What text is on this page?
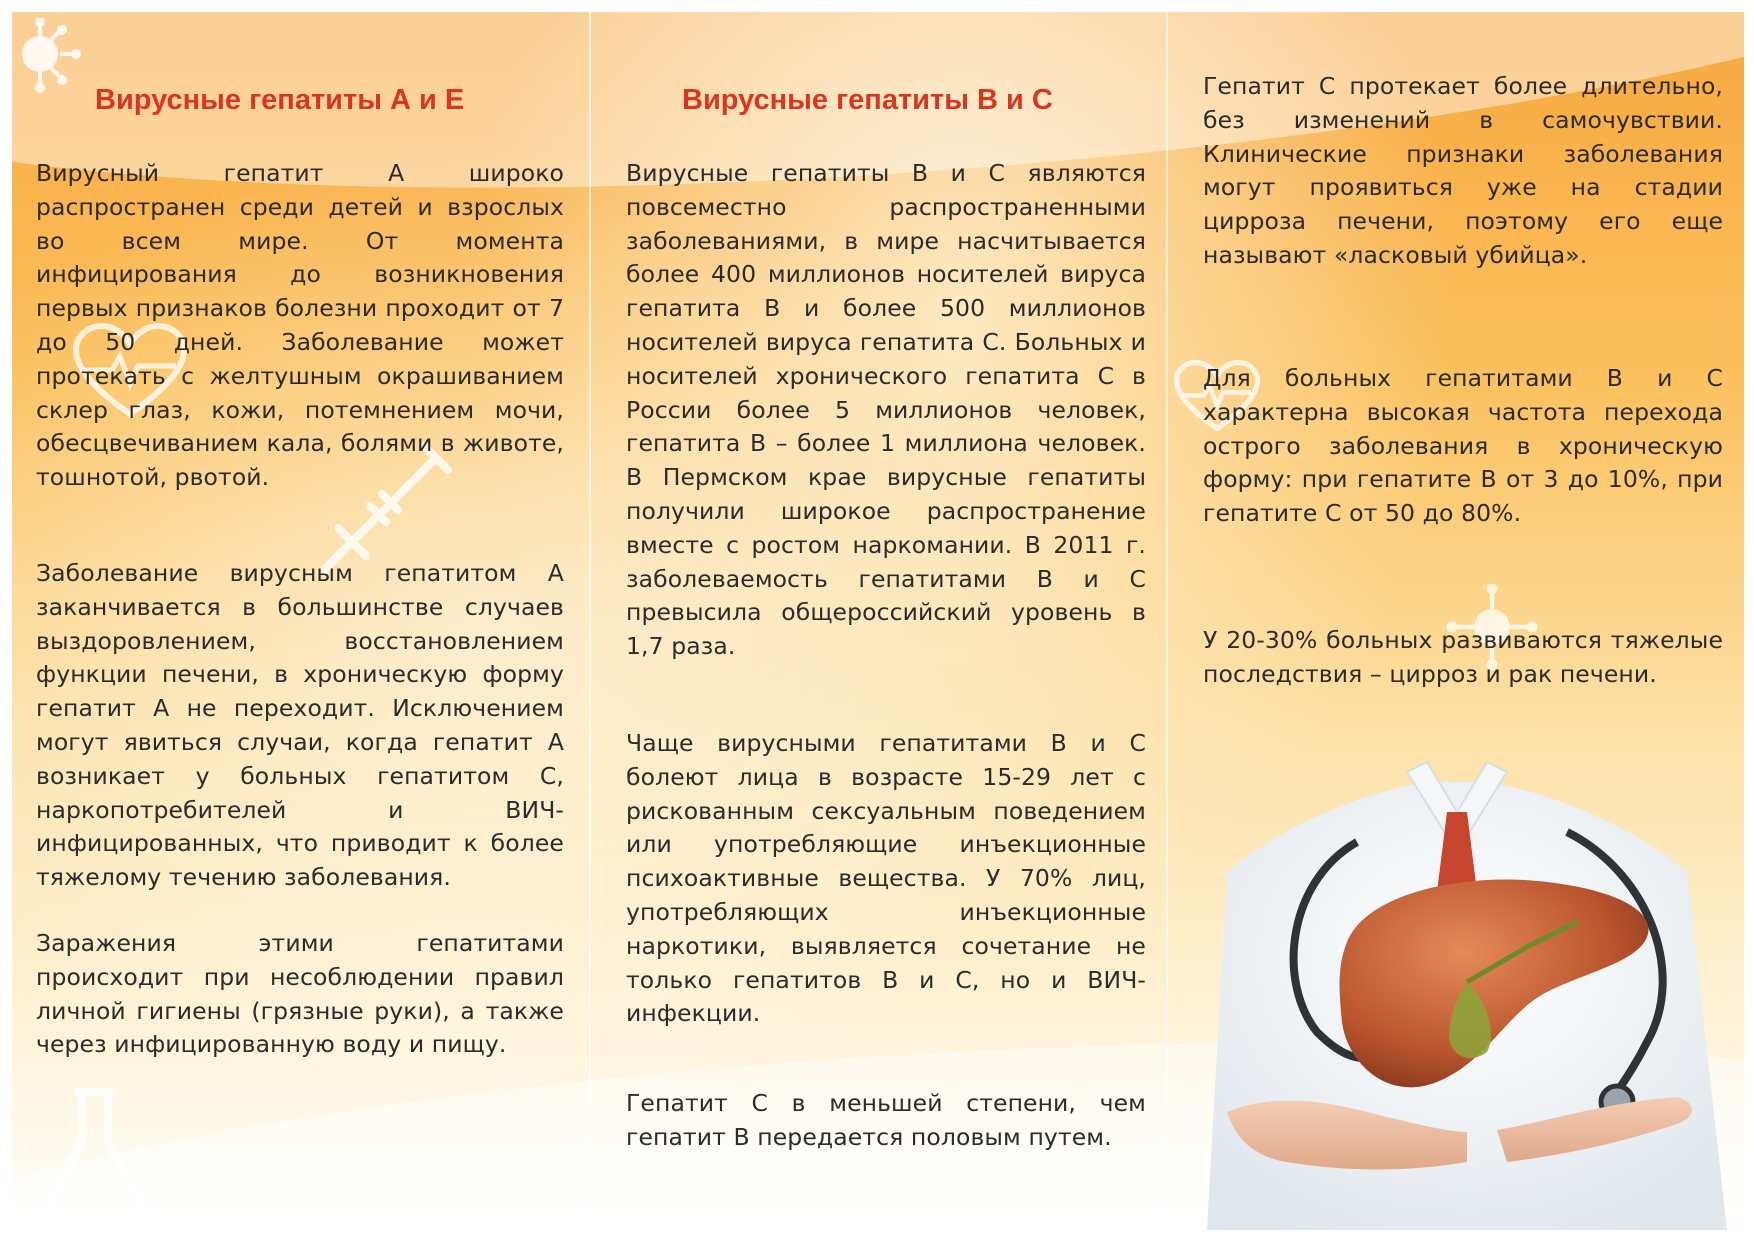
Вирусные гепатиты А и Е

Вирусный гепатит А широко распространен среди детей и взрослых во всем мире. От момента инфицирования до возникновения первых признаков болезни проходит от 7 до 50 дней. Заболевание может протекать с желтушным окрашиванием склер глаз, кожи, потемнением мочи, обесцвечиванием кала, болями в животе, тошнотой, рвотой.

Заболевание вирусным гепатитом А заканчивается в большинстве случаев выздоровлением, восстановлением функции печени, в хроническую форму гепатит А не переходит. Исключением могут явиться случаи, когда гепатит А возникает у больных гепатитом С, наркопотребителей и ВИЧ-инфицированных, что приводит к более тяжелому течению заболевания.

Заражения этими гепатитами происходит при несоблюдении правил личной гигиены (грязные руки), а также через инфицированную воду и пищу.

Вирусные гепатиты В и С

Вирусные гепатиты В и С являются повсеместно распространенными заболеваниями, в мире насчитывается более 400 миллионов носителей вируса гепатита В и более 500 миллионов носителей вируса гепатита С. Больных и носителей хронического гепатита С в России более 5 миллионов человек, гепатита В – более 1 миллиона человек. В Пермском крае вирусные гепатиты получили широкое распространение вместе с ростом наркомании. В 2011 г. заболеваемость гепатитами В и С превысила общероссийский уровень в 1,7 раза.

Чаще вирусными гепатитами В и С болеют лица в возрасте 15-29 лет с рискованным сексуальным поведением или употребляющие инъекционные психоактивные вещества. У 70% лиц, употребляющих инъекционные наркотики, выявляется сочетание не только гепатитов В и С, но и ВИЧ-инфекции.

Гепатит С в меньшей степени, чем гепатит В передается половым путем.

Гепатит С протекает более длительно, без изменений в самочувствии. Клинические признаки заболевания могут проявиться уже на стадии цирроза печени, поэтому его еще называют «ласковый убийца».

Для больных гепатитами В и С характерна высокая частота перехода острого заболевания в хроническую форму: при гепатите В от 3 до 10%, при гепатите С от 50 до 80%.

У 20-30% больных развиваются тяжелые последствия – цирроз и рак печени.
